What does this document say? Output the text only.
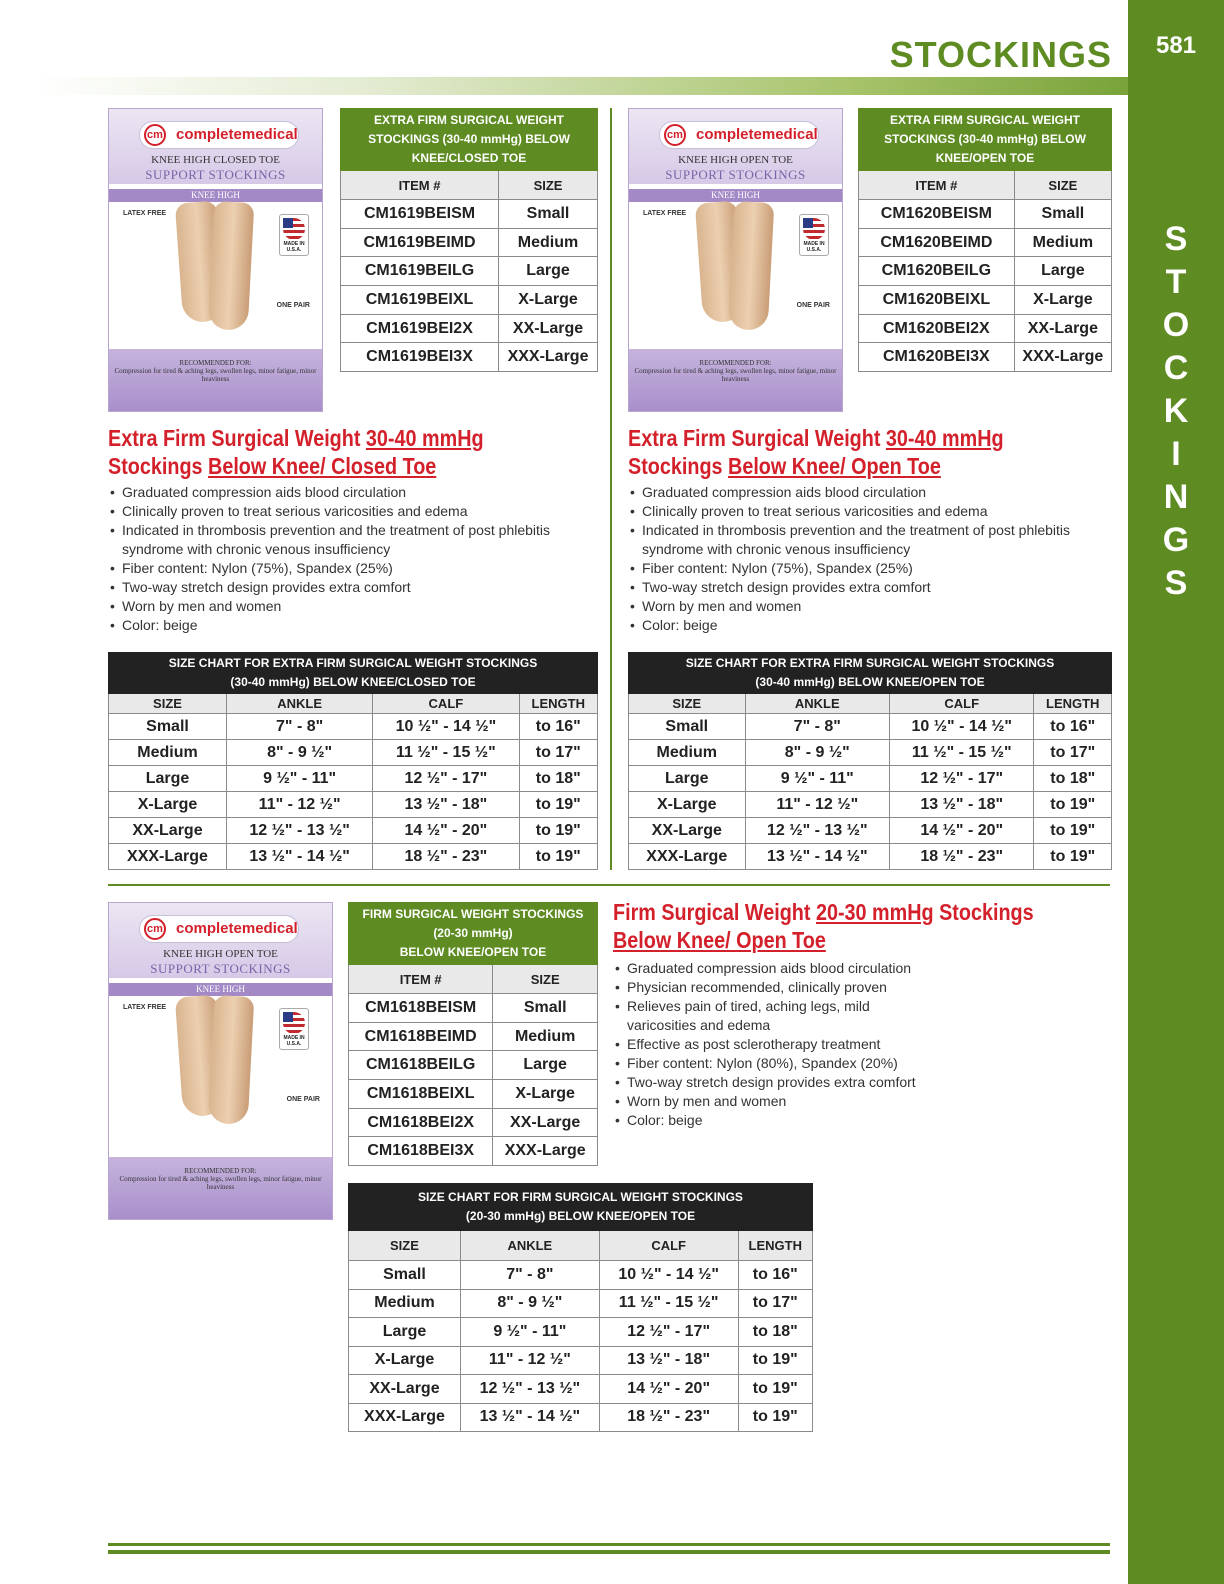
STOCKINGS	581
S
T
O
C
K
I
N
G
S
cm completemedical
KNEE HIGH CLOSED TOE
SUPPORT STOCKINGS
KNEE HIGH
LATEX FREE
MADE IN U.S.A.
ONE PAIR
RECOMMENDED FOR:
Compression for tired & aching legs, swollen legs, minor fatigue, minor heaviness
EXTRA FIRM SURGICAL WEIGHT STOCKINGS (30-40 mmHg) BELOW KNEE/CLOSED TOE	
ITEM #	SIZE
CM1619BEISM	Small
CM1619BEIMD	Medium
CM1619BEILG	Large
CM1619BEIXL	X-Large
CM1619BEI2X	XX-Large
CM1619BEI3X	XXX-Large
Extra Firm Surgical Weight 30-40 mmHg
Stockings Below Knee/ Closed Toe
• Graduated compression aids blood circulation
• Clinically proven to treat serious varicosities and edema
• Indicated in thrombosis prevention and the treatment of post phlebitis syndrome with chronic venous insufficiency
• Fiber content: Nylon (75%), Spandex (25%)
• Two-way stretch design provides extra comfort
• Worn by men and women
• Color: beige
SIZE CHART FOR EXTRA FIRM SURGICAL WEIGHT STOCKINGS
(30-40 mmHg) BELOW KNEE/CLOSED TOE			
SIZE	ANKLE	CALF	LENGTH
Small	7" - 8"	10 ½" - 14 ½"	to 16"
Medium	8" - 9 ½"	11 ½" - 15 ½"	to 17"
Large	9 ½" - 11"	12 ½" - 17"	to 18"
X-Large	11" - 12 ½"	13 ½" - 18"	to 19"
XX-Large	12 ½" - 13 ½"	14 ½" - 20"	to 19"
XXX-Large	13 ½" - 14 ½"	18 ½" - 23"	to 19"
cm completemedical
KNEE HIGH OPEN TOE
SUPPORT STOCKINGS
KNEE HIGH
LATEX FREE
MADE IN U.S.A.
ONE PAIR
RECOMMENDED FOR:
Compression for tired & aching legs, swollen legs, minor fatigue, minor heaviness
EXTRA FIRM SURGICAL WEIGHT STOCKINGS (30-40 mmHg) BELOW KNEE/OPEN TOE	
ITEM #	SIZE
CM1620BEISM	Small
CM1620BEIMD	Medium
CM1620BEILG	Large
CM1620BEIXL	X-Large
CM1620BEI2X	XX-Large
CM1620BEI3X	XXX-Large
Extra Firm Surgical Weight 30-40 mmHg
Stockings Below Knee/ Open Toe
• Graduated compression aids blood circulation
• Clinically proven to treat serious varicosities and edema
• Indicated in thrombosis prevention and the treatment of post phlebitis syndrome with chronic venous insufficiency
• Fiber content: Nylon (75%), Spandex (25%)
• Two-way stretch design provides extra comfort
• Worn by men and women
• Color: beige
SIZE CHART FOR EXTRA FIRM SURGICAL WEIGHT STOCKINGS
(30-40 mmHg) BELOW KNEE/OPEN TOE			
SIZE	ANKLE	CALF	LENGTH
Small	7" - 8"	10 ½" - 14 ½"	to 16"
Medium	8" - 9 ½"	11 ½" - 15 ½"	to 17"
Large	9 ½" - 11"	12 ½" - 17"	to 18"
X-Large	11" - 12 ½"	13 ½" - 18"	to 19"
XX-Large	12 ½" - 13 ½"	14 ½" - 20"	to 19"
XXX-Large	13 ½" - 14 ½"	18 ½" - 23"	to 19"
cm completemedical
KNEE HIGH OPEN TOE
SUPPORT STOCKINGS
KNEE HIGH
LATEX FREE
MADE IN U.S.A.
ONE PAIR
RECOMMENDED FOR:
Compression for tired & aching legs, swollen legs, minor fatigue, minor heaviness
FIRM SURGICAL WEIGHT STOCKINGS
(20-30 mmHg)
BELOW KNEE/OPEN TOE	
ITEM #	SIZE
CM1618BEISM	Small
CM1618BEIMD	Medium
CM1618BEILG	Large
CM1618BEIXL	X-Large
CM1618BEI2X	XX-Large
CM1618BEI3X	XXX-Large
Firm Surgical Weight 20-30 mmHg Stockings
Below Knee/ Open Toe
• Graduated compression aids blood circulation
• Physician recommended, clinically proven
• Relieves pain of tired, aching legs, mild varicosities and edema
• Effective as post sclerotherapy treatment
• Fiber content: Nylon (80%), Spandex (20%)
• Two-way stretch design provides extra comfort
• Worn by men and women
• Color: beige
SIZE CHART FOR FIRM SURGICAL WEIGHT STOCKINGS
(20-30 mmHg) BELOW KNEE/OPEN TOE			
SIZE	ANKLE	CALF	LENGTH
Small	7" - 8"	10 ½" - 14 ½"	to 16"
Medium	8" - 9 ½"	11 ½" - 15 ½"	to 17"
Large	9 ½" - 11"	12 ½" - 17"	to 18"
X-Large	11" - 12 ½"	13 ½" - 18"	to 19"
XX-Large	12 ½" - 13 ½"	14 ½" - 20"	to 19"
XXX-Large	13 ½" - 14 ½"	18 ½" - 23"	to 19"
